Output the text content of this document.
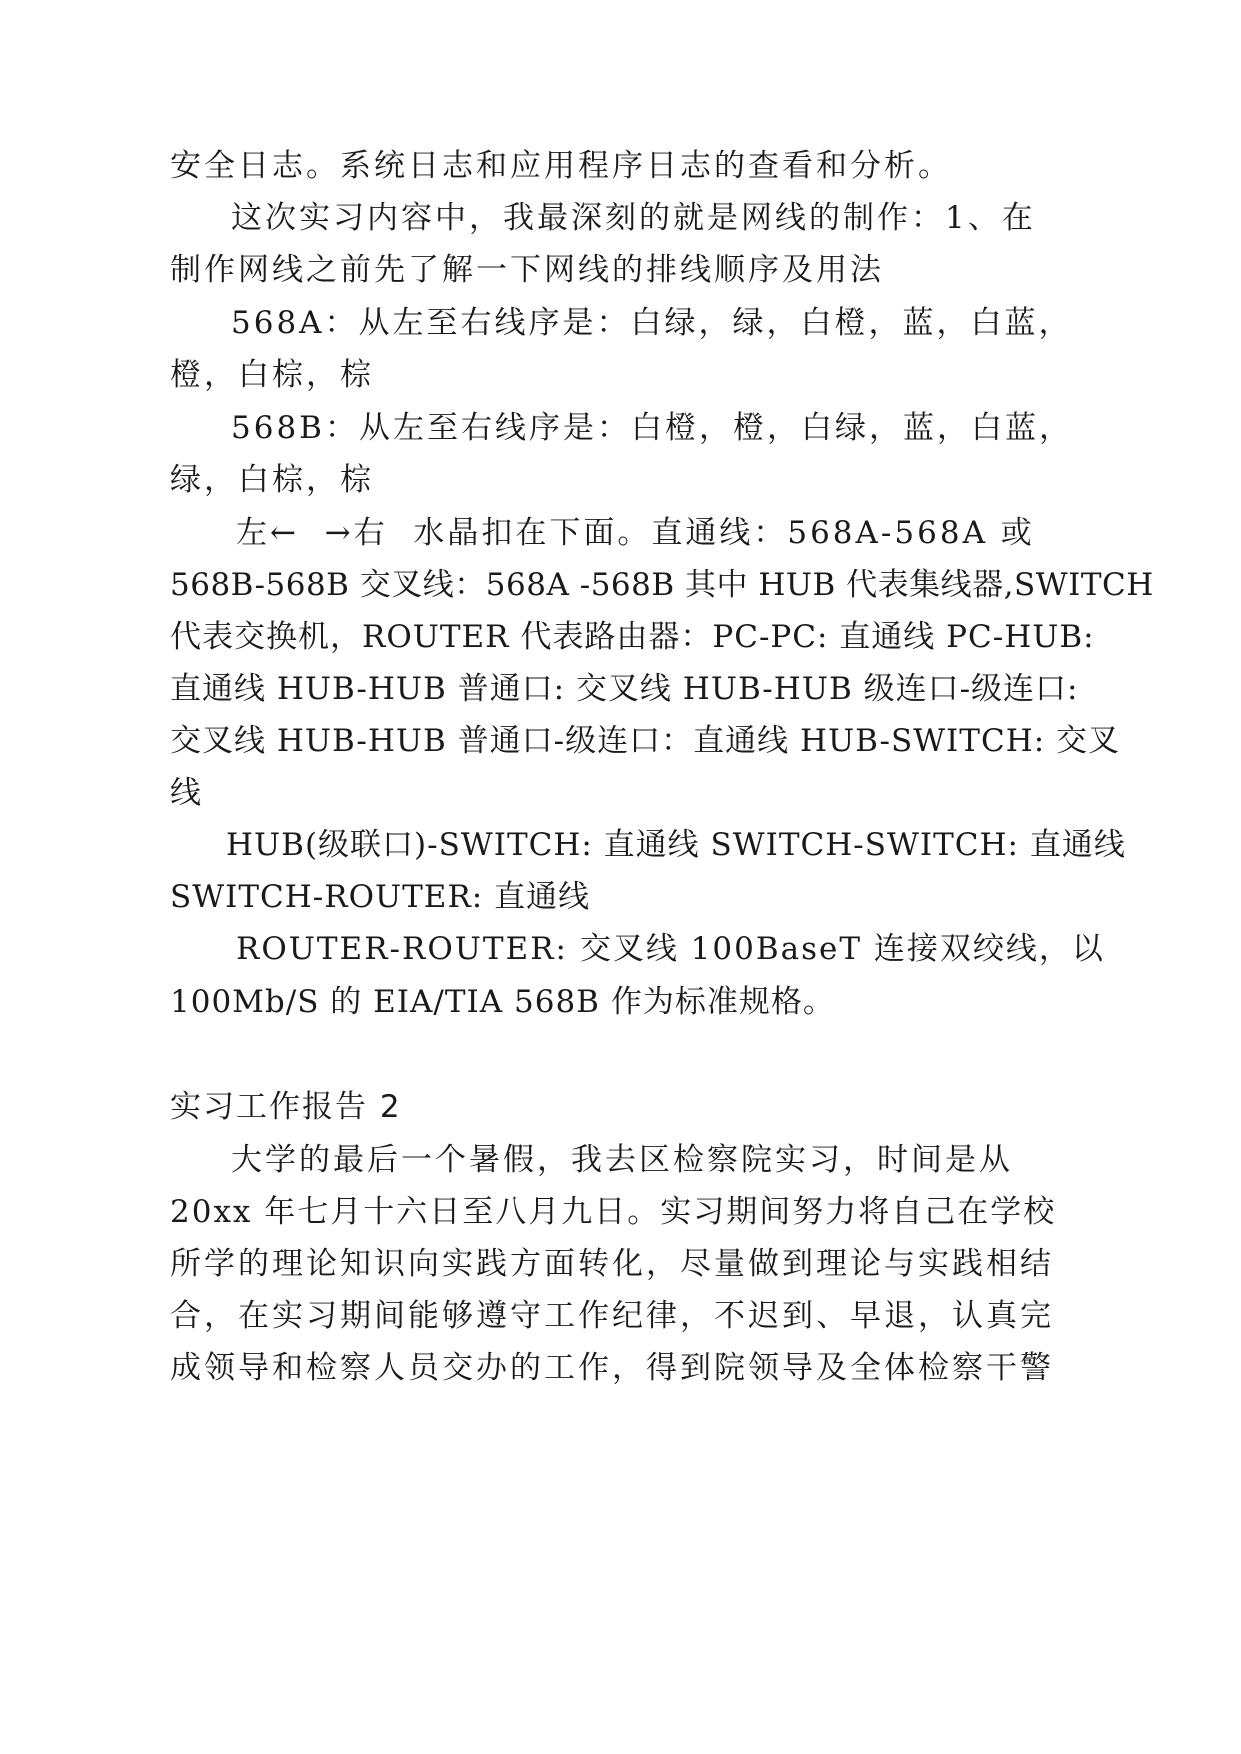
安全日志。系统日志和应用程序日志的查看和分析。
这次实习内容中，我最深刻的就是网线的制作：1、在
制作网线之前先了解一下网线的排线顺序及用法
568A：从左至右线序是：白绿，绿，白橙，蓝，白蓝，
橙，白棕，棕
568B：从左至右线序是：白橙，橙，白绿，蓝，白蓝，
绿，白棕，棕
左←  →右  水晶扣在下面。直通线：568A-568A 或
568B-568B 交叉线：568A -568B 其中 HUB 代表集线器,SWITCH
代表交换机，ROUTER 代表路由器：PC-PC: 直通线 PC-HUB:
直通线 HUB-HUB 普通口: 交叉线 HUB-HUB 级连口-级连口:
交叉线 HUB-HUB 普通口-级连口：直通线 HUB-SWITCH: 交叉
线
HUB(级联口)-SWITCH: 直通线 SWITCH-SWITCH: 直通线
SWITCH-ROUTER: 直通线
ROUTER-ROUTER: 交叉线 100BaseT 连接双绞线，以
100Mb/S 的 EIA/TIA 568B 作为标准规格。
实习工作报告 2
大学的最后一个暑假，我去区检察院实习，时间是从
20xx 年七月十六日至八月九日。实习期间努力将自己在学校
所学的理论知识向实践方面转化，尽量做到理论与实践相结
合，在实习期间能够遵守工作纪律，不迟到、早退，认真完
成领导和检察人员交办的工作，得到院领导及全体检察干警
